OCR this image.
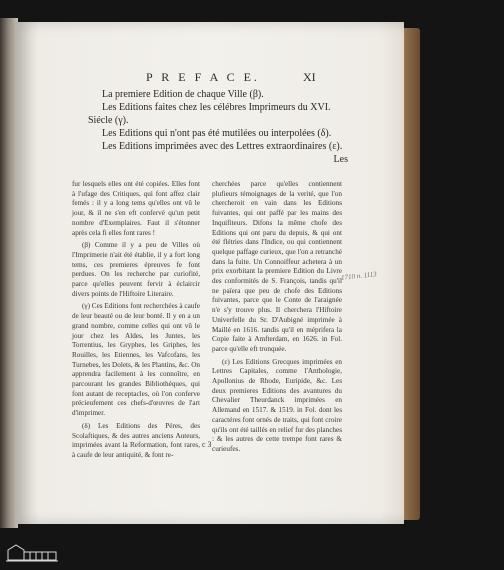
P R E F A C E.	XI
La premiere Edition de chaque Ville (β).
Les Editions faites chez les célébres Imprimeurs du XVI.
Siécle (γ).
Les Editions qui n'ont pas été mutilées ou interpolées (δ).
Les Editions imprimées avec des Lettres extraordinaires (ε).
Les

fur lesquels elles ont été copiées. Elles font à l'ufage des Critiques, qui font affez clair femés : il y a long tems qu'elles ont vû le jour, & il ne s'en eft confervé qu'un petit nombre d'Exemplaires. Faut il s'étonner après cela fi elles font rares !

(β) Comme il y a peu de Villes où l'Imprimerie n'ait été établie, il y a fort long tems, ces premieres épreuves fe font perdues. On les recherche par curiofité, parce qu'elles peuvent fervir à éclaircir divers points de l'Hiftoire Literaire.

(γ) Ces Editions font recherchées à caufe de leur beauté ou de leur bonté. Il y en a un grand nombre, comme celles qui ont vû le jour chez les Aldes, les Juntes, les Torrentius, les Gryphes, les Griphes, les Rouilles, les Etiennes, les Vafcofans, les Turnebes, les Dolets, & les Plantins, &c. On apprendra facilement à les connoître, en parcourant les grandes Bibliothéques, qui font autant de receptacles, où l'on conferve précieufement ces chefs-d'œuvres de l'art d'imprimer.

(δ) Les Editions des Péres, des Scolaftiques, & des autres anciens Auteurs, imprimées avant la Reformation, font rares, à caufe de leur antiquité, & font re-

cherchées parce qu'elles contiennent plufieurs témoignages de la verité, que l'on chercheroit en vain dans les Editions fuivantes, qui ont paffé par les mains des Inquifiteurs. Difons la même chofe des Editions qui ont paru du depuis, & qui ont été flétries dans l'Indice, ou qui contiennent quelque paffage curieux, que l'on a retranché dans la fuite. Un Connoiffeur achetera à un prix exorbitant la premiere Edition du Livre des conformités de S. François, tandis qu'il ne païera que peu de chofe des Editions fuivantes, parce que le Conte de l'araignée n'e s'y trouve plus. Il cherchera l'Hiftoire Univerfelle du Sr. D'Aubigné imprimée à Maillé en 1616. tandis qu'il en méprifera la Copie faite à Amfterdam, en 1626. in Fol. parce qu'elle eft tronquée.

(ε) Les Editions Grecques imprimées en Lettres Capitales, comme l'Anthologie, Apollonius de Rhode, Euripide, &c. Les deux premieres Editions des avantures du Chevalier Theurdanck imprimées en Allemand en 1517. & 1519. in Fol. dont les caractéres font ornés de traits, qui font croire qu'ils ont été taillés en relief fur des planches : & les autres de cette trempe font rares & curieufes.

c 3
1710 n. 1113
